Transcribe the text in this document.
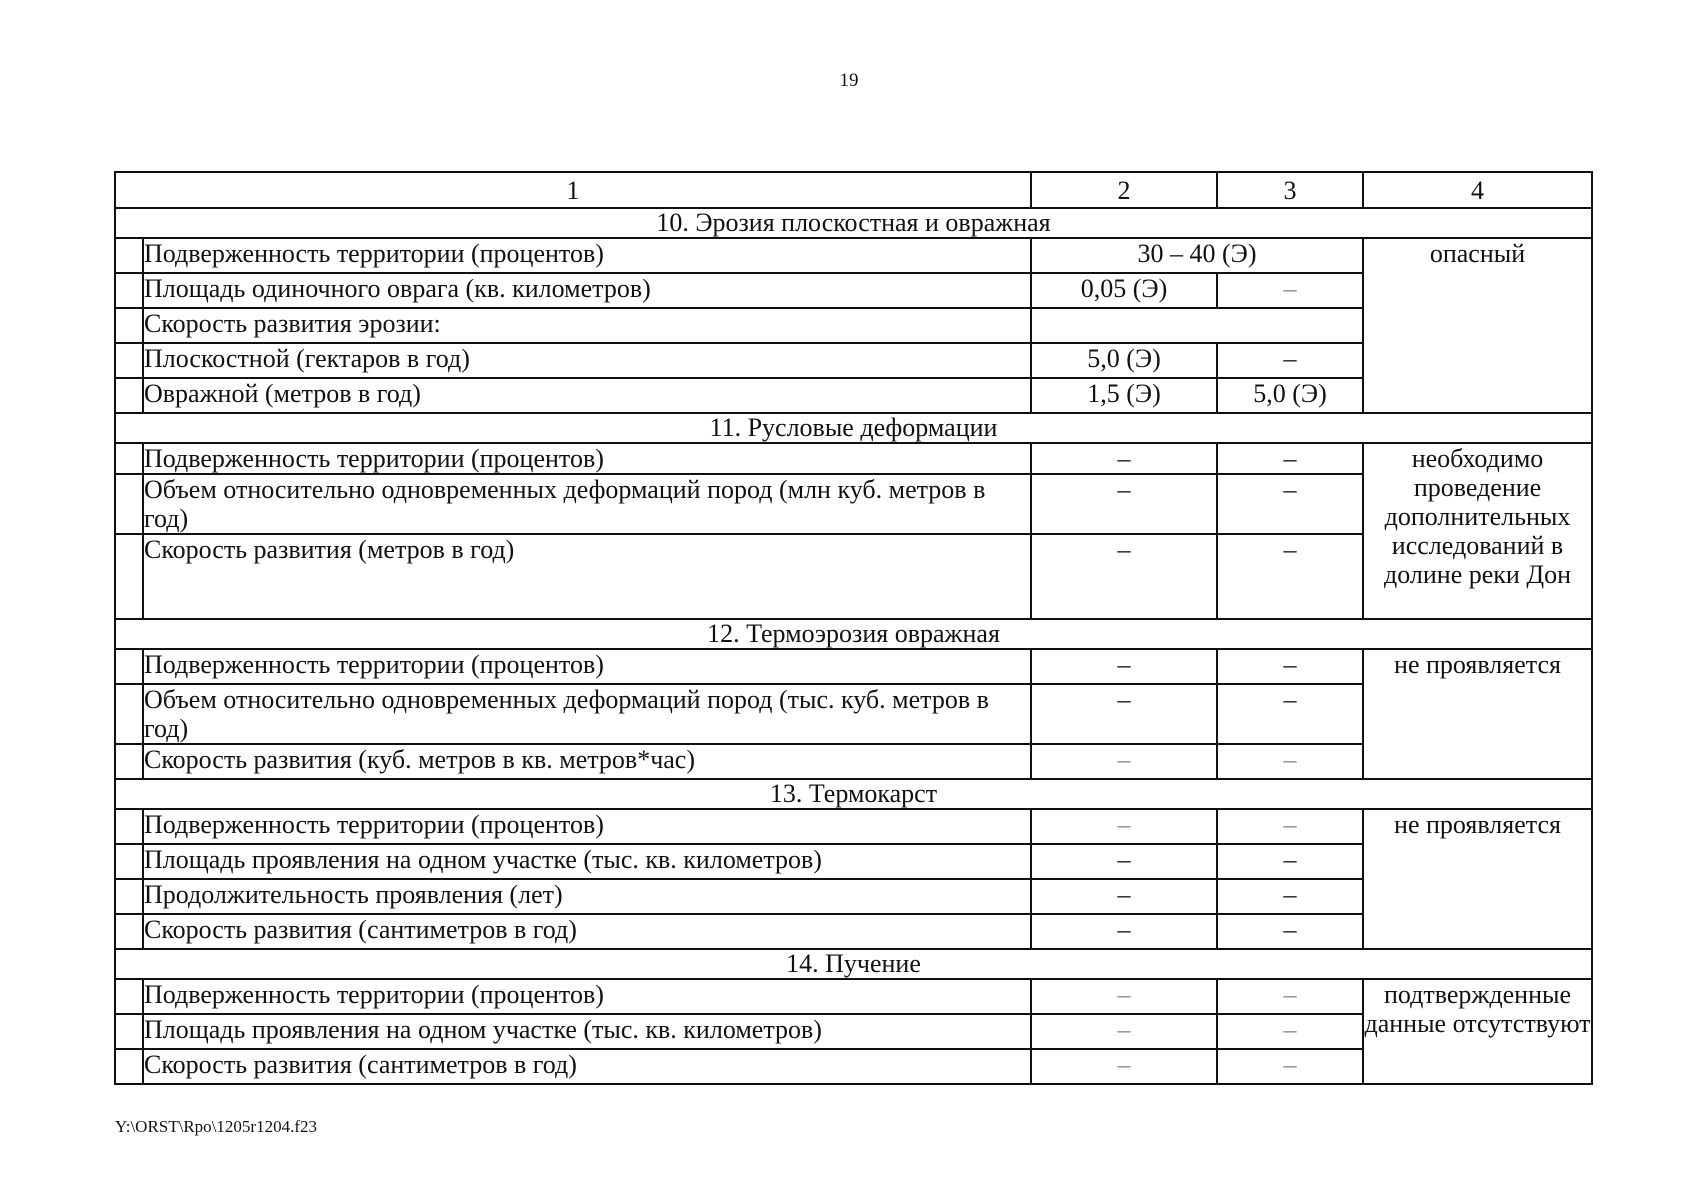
19
1		2	3	4
10. Эрозия плоскостная и овражная				
	Подверженность территории (процентов)	30 – 40 (Э)		опасный
	Площадь одиночного оврага (кв. километров)	0,05 (Э)	–	
	Скорость развития эрозии:			
	Плоскостной (гектаров в год)	5,0 (Э)	–	
	Овражной (метров в год)	1,5 (Э)	5,0 (Э)	
11. Русловые деформации				
	Подверженность территории (процентов)	–	–	необходимо проведение дополнительных исследований в долине реки Дон
	Объем относительно одновременных деформаций пород (млн куб. метров в год)	–	–	
	Скорость развития (метров в год)	–	–	
12. Термоэрозия овражная				
	Подверженность территории (процентов)	–	–	не проявляется
	Объем относительно одновременных деформаций пород (тыс. куб. метров в год)	–	–	
	Скорость развития (куб. метров в кв. метров*час)	–	–	
13. Термокарст				
	Подверженность территории (процентов)	–	–	не проявляется
	Площадь проявления на одном участке (тыс. кв. километров)	–	–	
	Продолжительность проявления (лет)	–	–	
	Скорость развития (сантиметров в год)	–	–	
14. Пучение				
	Подверженность территории (процентов)	–	–	подтвержденные данные отсутствуют
	Площадь проявления на одном участке (тыс. кв. километров)	–	–	
	Скорость развития (сантиметров в год)	–	–	
Y:\ORST\Rpo\1205r1204.f23
